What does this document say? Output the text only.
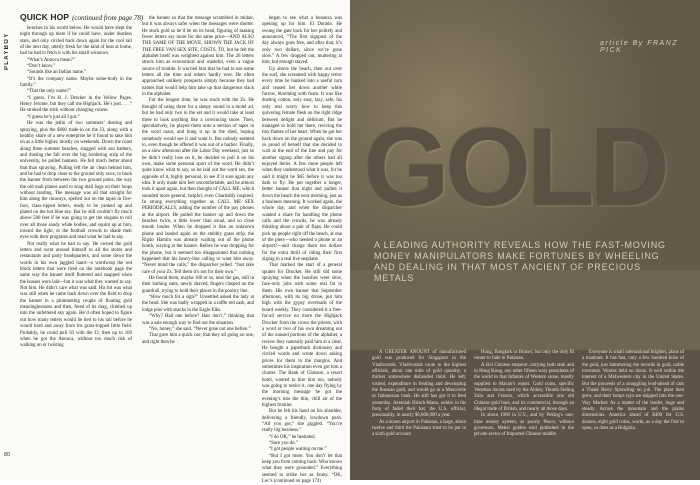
QUICK HOP (continued from page 78)
PLAYBOY
80

benches in his world below. He would have slept the night through up there if he could have, under dustless stars, and only circled back down again for the cool tail of the next day, utterly fresh for the kind of heat at home, had he had to fetch it with his small winnows.

“What’s Annoca mean?”

“Don’t know.”

“Sounds like an Indian name.”

“It’s the company name. Maybe some-body in the family.”

“That the only name?”

“I guess. I’m H. J. Drecker in the Yellow Pages. Henry Jerome, but they call me Highjack. He’s just. . . .” He stroked the stick without changing course.

“I guess he’s just all I got.”

He was the jetlin of two summers’ dusting and spraying, plus the $600 trade-in on the J3, along with a healthy share of a new enterprise he’d found to take him on as a little higher, mostly on weekends. Down the coast along three summer beaches, slugged with sun bathers, and dusting the fall over the big bordering strip of the university, he pulled banners. He felt much better about that than spraying. Pulling left the air clean behind him, and he had to drop close to the ground only once, to hook the banner from between the two ground poles, the way the old mail planes used to snag mail bags on their loops without landing. The message was all that straight for him along the runways, spelled out on the tapes in five-foot, class-ripped letters, ready to be yanked up and plated on the hot blue sky. But he still couldn’t fly much above 500 feet if he was going to get the slogans to roll over all those sandy white bodies, and squint up at him, toward the light, or the football crowds to shade their eyes with their programs and read what he had to say.

Not really what he had to say. He owned the gold letters and went around himself to all the stores and restaurants and party headquarters, and some down the words in his own jaggled hand—a wordwrap the red block letters that were tired on the notebook page the same way the banner itself fluttered and snapped when the houses were laid—but it was what they wanted to say. Not him. He didn’t care what was said. His bit was what was still when he came back down over the field to drop the banner in a plummeting couple of floating gold meaninglessness and then, freed of its drag, climbed up into the unfettered sky again. He’d often hoped to figure out how many letters would he tied to his tail before he would hard and away from his grass-topped little field. Probably, he could pull 50 with the J3, then up to 100 when he got the Annoca, without too much risk of walking on or twisting

the banner so that the message scrambled in midair, but it was always safer when the messages were shorter. He stuck gold so he’d be on its head, figuring of making fewer letters say more for the same price—AND ALSO THE SAME OF THE MOVE, SHOWN THE JACK OF THE FREE VAN SEX SITE, COSTS, TO, but he felt the alphabet itself was weighted against him. The 26 letters struck him as economical and wasteful, even a vague source of trouble. It worried him that he had to use some letters all the time and others hardly ever. He often approached unlikely prospects simply because they had names that would help him take up that dangerous slack in the alphabet.

For the longest time, he was stuck with the Zs. He thought of using three for a sleepy sound in a motel ad, but he had only two in the set and it would take at least three to look anything like a convincing snore. Then, speculatively, he played them onto a section of tapes in the word razor, and hung it up in the shed, hoping somebody would see it and want it. But nobody seemed to, even though he offered it was out of a harbor. Finally, on a slow afternoon after the Labor Day weekend, just so he didn’t really lose on it, he decided to pull it on his own, make some personal sport of the word. He didn’t quite know what to say, so he laid out the word sex, the opposite of it, highly personal, to see if it sure again any idea. It only made him feel uncomfortable, and he almost took it apart again, but then thought of CALL ME, which sounded more general, helpful, even Charitably inspired. In strung everything together as CALL ME SEX PERIODICALLY, adding the number of the pay phones at the airport. He pulled the banner up and down the beaches twice, a little lower than usual, and so close mouth louder. When he dropped it like an unknown phone and landed again on the stubbly grass strip, the Rigdo Hamlin was already waiting out of the phone booth, waving at the banner. Before he was dropping for the phone, but it seemed too disappointed that nothing happened that his heavy-line calling to want him away. “Never mind the calls,” the dispatcher yelled. “Just take care of your Zs. Tell them it’s not for their own.”

He found them, maybe 100 or so, near the gas, still in their bathing suits, newly shaved, fingers clasped on the guardrail, trying to hold their places in the poultry line.

“How much for a sign?” Unsettled asked the lady at the head. She was badly wrapped in a raffle red sash, and lodge pins with snacks in the Eagle Elks.

“Why? Had one before? Hair don’t,” thinking that was a sale enough way to find out the situation.

“No, honey,” she said. “Never gone out one before.”

That gave him a quick cue, that they all going on one, and right then he

began to see what a bonanza was opening up for him. El Dorado. He swung the gate back for her politely and announced, “The first signpost of the day always goes free, and after that, it’s only two dollars, since we’re gone slow.” A few dropped out, muttering at him, but enough stayed.

Up above the beach, then out over the surf, she screamed with happy terror every time he banked into a useful turn and ceased her down another white furrow, blooming with foam. It was like dusting cotton, only easy, lazy, safe, his only real worry how to keep this quivering female flesh on the right ridge between delight and delirium. But he managed to hold her there, reviving the tiny flames of her heart. When he got her back down on the ground again, she was so proud of herself that she decided to wait at the end of the line and pay for another signup after the others had all enjoyed theirs. A few more people left when they understood what it was, for he said it might be $65 before it was too dark to fly. He put together a longer, better banner that night and pulled it down the beach the next morning, just as a business meaning. It worked again, the whole day, and when the dispatcher wanted a share for handling the phone calls and the crowds, he was already thinking about a pair of flaps. He could pick up people right off the beach, at one of the piers—who needed a phone or an airport?—and charge them ten dollars for the extra thrill of riding their first zigzag in a real live seaplane.

That marked the start of a general sputter for Drucker. He still did some spraying when the hourlies were slow, face-only jobs with some real fat in them. His own banner that September afternoon, with its big drone, put him high with the gypsy overloads of the board weekly. They considered it a free-for-all service no more the Highjack Drucker from the crows the priests, with a word or two of his own dreaming out of the unused portions of the alphabet, a review they naturally paid him at a clear. He bought a paperback dictionary and circled words and wrote down asking prices for them in the margins. And sometimes his inspiration even got him a charter. The Bank of Glaisnre, a resort hotel, wanted to hire him too, nobody was going to notice it, one day flying by the morning message he got the evening’s into the thin, chill air of the highest frontier.

But he felt his hand on his shoulder, delivering a friendly, lowdown push. “All you got,” she giggled. “You’re really big business.”

“I do OK,” he hesitated.

“Sure you do.”

“I got people waiting on me.”

“But I got more. You don’t let that keep you from coming back. Who knows what they were grounded.” Everything seemed to strike her as funny. “OK, Lec’s (continued on page 174)

article By FRANZ PICK
GOLD
A LEADING AUTHORITY REVEALS HOW THE FAST-MOVING MONEY MANIPULATORS MAKE FORTUNES BY WHEELING AND DEALING IN THAT MOST ANCIENT OF PRECIOUS METALS

A GREATER ANOUNT of manufactured gold was produced for Singapore in the Vladivostok, Vladivostok route to the highest officials, about one mile of gold quantity, a thicker somewhere disbanded third. He left, visited, expenditure in fending and developing the Russian gold, and would go in a Muscovite or Indonesian bank. He still has got it to feed yesterday. Jeremiah Hirsch-Mann, nobles in his forty of faded their hat, the U.S. official, presumably, in nearly $6,000,000 a year.

As a dozen airport in Pakistan, a large, about twelve and third the Pakistani tried to be put in a sixth gold account

Hong, Bangkok or Brunei, but only the only fit center to fade in Pakistan.

A Bol Chinese emperor carrying both teak and in Hong Kong, any other fifteen wary presidents of the world to that Infantes of Western stone, mostly supplied to Macao’s report. Gold coins, specific Venetian ducats used by the Abbey, Thumb Sieling Zulu and Francis, which accessible one old Chinese gold bars, and its commercial, through an illegal trade of British, and nearly all those days.

In about 1960 in U.S., and by Peking’s one-time money system, as poorly Peace, without governors, Mekei golden sold published in the private sector of Imported Chinese middle.

Everyone is small international brighter, plans of a manhunt. It has fast, only a few hundred kilos of the gold, just hammering the records in gold, noble inventors. Worms held on doors. It well within the interest of a Midwestern city in the United States. But the proceeds of a smuggling lead-ahead of cars a Thank Berry Sprawling on job. The plant then grew, and their lumps rays are shipped into the one-Way Market: As a matter of the lender, huge and steady. Across the mountain and the plains dimensions. America ahead of $400 for U.S. dozens, eight gold coins, worth, as a day the first to open, so does as a Bulgaria.
